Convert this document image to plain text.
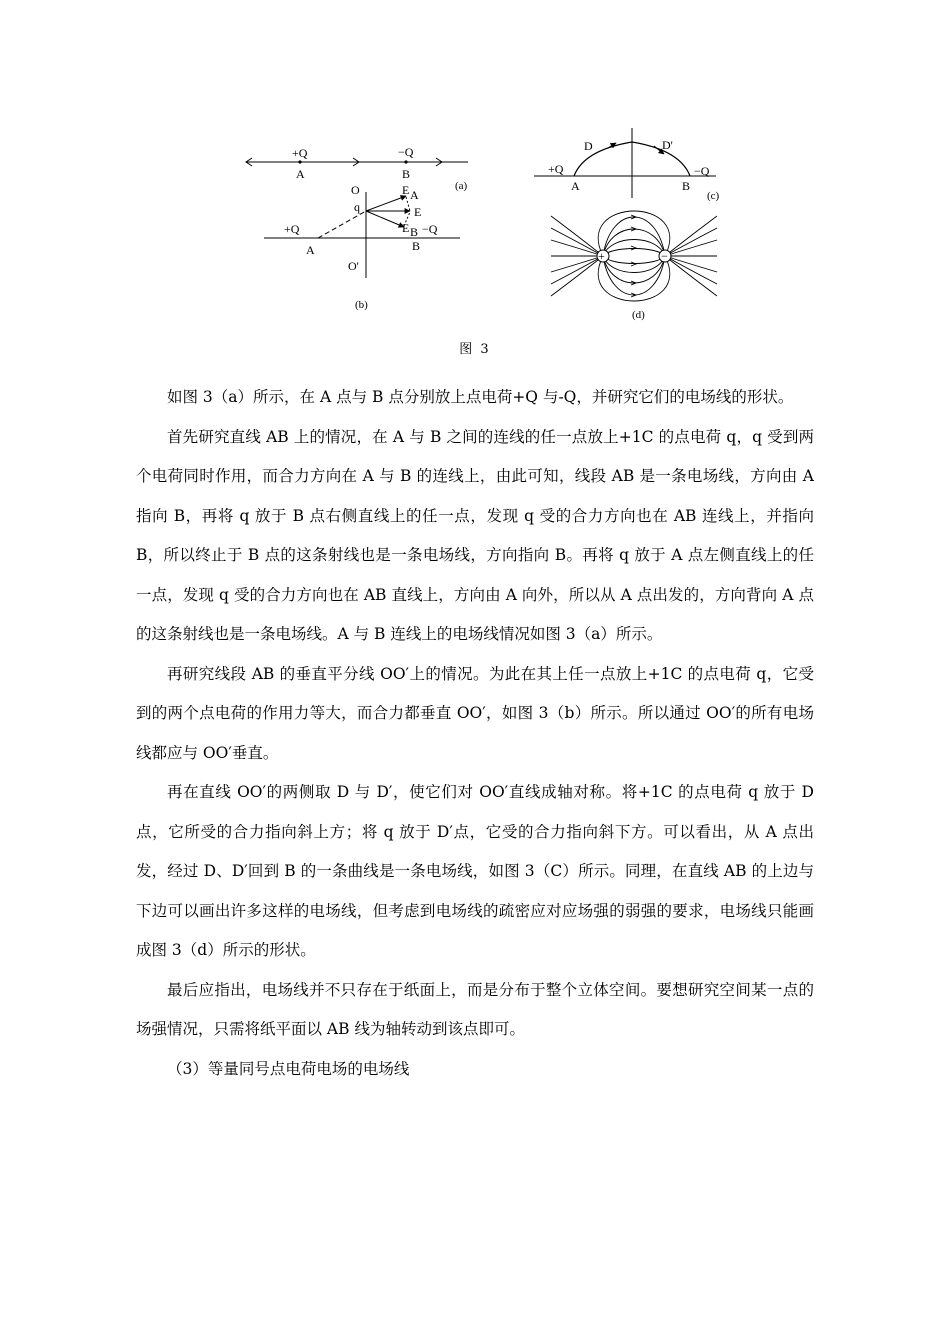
+Q	−Q
A	B
(a)
O
q
E A
E
E B −Q
+Q
A	B
O'
(b)
D	D'
+Q	−Q
A	B
(c)
+	−
(d)
图 3

如图 3（a）所示，在 A 点与 B 点分别放上点电荷+Q 与-Q，并研究它们的电场线的形状。

首先研究直线 AB 上的情况，在 A 与 B 之间的连线的任一点放上+1C 的点电荷 q，q 受到两个电荷同时作用，而合力方向在 A 与 B 的连线上，由此可知，线段 AB 是一条电场线，方向由 A 指向 B，再将 q 放于 B 点右侧直线上的任一点，发现 q 受的合力方向也在 AB 连线上，并指向 B，所以终止于 B 点的这条射线也是一条电场线，方向指向 B。再将 q 放于 A 点左侧直线上的任一点，发现 q 受的合力方向也在 AB 直线上，方向由 A 向外，所以从 A 点出发的，方向背向 A 点的这条射线也是一条电场线。A 与 B 连线上的电场线情况如图 3（a）所示。

再研究线段 AB 的垂直平分线 OO′上的情况。为此在其上任一点放上+1C 的点电荷 q，它受到的两个点电荷的作用力等大，而合力都垂直 OO′，如图 3（b）所示。所以通过 OO′的所有电场线都应与 OO′垂直。

再在直线 OO′的两侧取 D 与 D′，使它们对 OO′直线成轴对称。将+1C 的点电荷 q 放于 D 点，它所受的合力指向斜上方；将 q 放于 D′点，它受的合力指向斜下方。可以看出，从 A 点出发，经过 D、D′回到 B 的一条曲线是一条电场线，如图 3（C）所示。同理，在直线 AB 的上边与下边可以画出许多这样的电场线，但考虑到电场线的疏密应对应场强的弱强的要求，电场线只能画成图 3（d）所示的形状。

最后应指出，电场线并不只存在于纸面上，而是分布于整个立体空间。要想研究空间某一点的场强情况，只需将纸平面以 AB 线为轴转动到该点即可。

（3）等量同号点电荷电场的电场线
